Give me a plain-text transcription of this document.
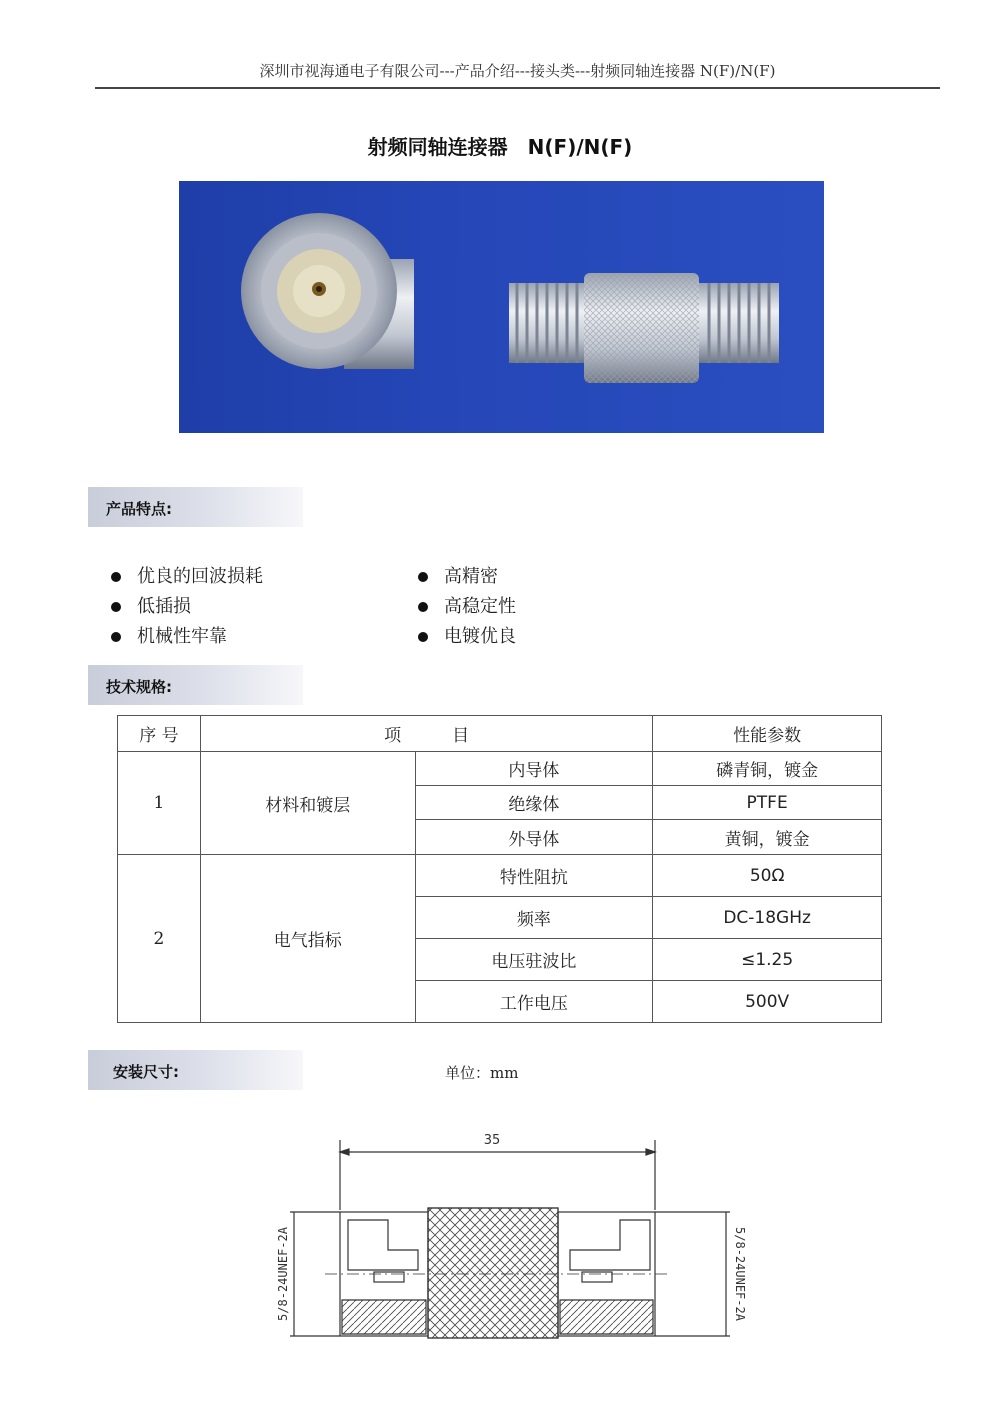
深圳市视海通电子有限公司---产品介绍---接头类---射频同轴连接器 N(F)/N(F)
射频同轴连接器　N(F)/N(F)
产品特点:
优良的回波损耗
低插损
机械性牢靠
高精密
高稳定性
电镀优良
技术规格:
序 号	项　　　目		性能参数
1	材料和镀层	内导体	磷青铜，镀金
		绝缘体	PTFE
		外导体	黄铜，镀金
2	电气指标	特性阻抗	50Ω
		频率	DC-18GHz
		电压驻波比	≤1.25
		工作电压	500V
安装尺寸:	单位：mm
35
5/8-24UNEF-2A	5/8-24UNEF-2A
